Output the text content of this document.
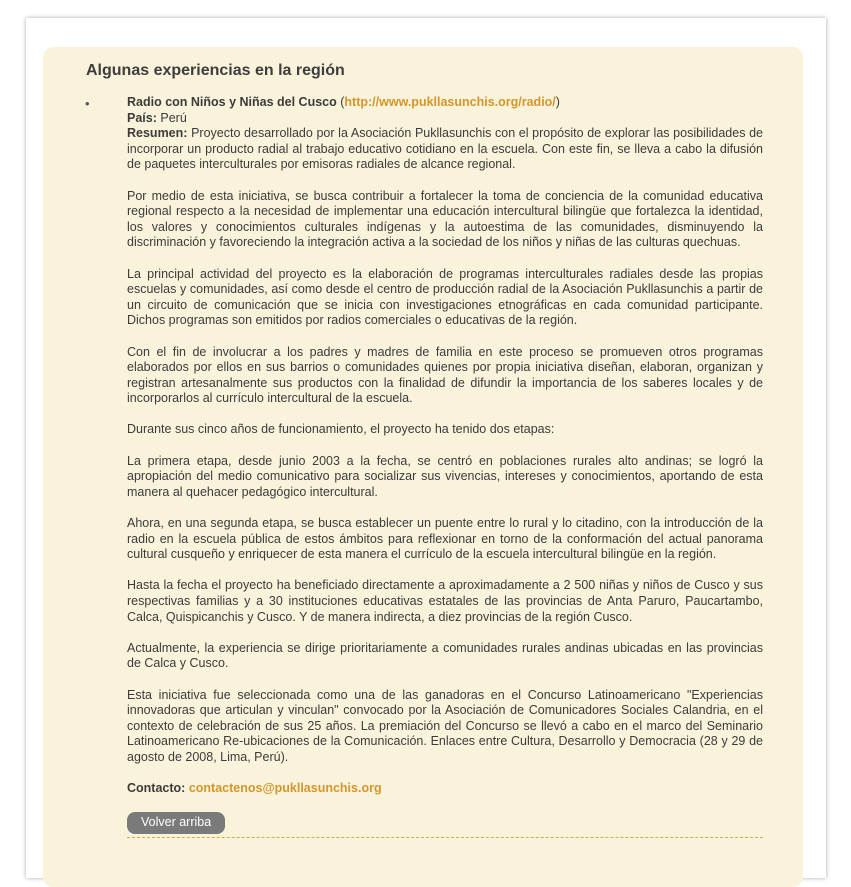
Algunas experiencias en la región
•	Radio con Niños y Niñas del Cusco (http://www.pukllasunchis.org/radio/)

País: Perú

Resumen: Proyecto desarrollado por la Asociación Pukllasunchis con el propósito de explorar las posibilidades de incorporar un producto radial al trabajo educativo cotidiano en la escuela. Con este fin, se lleva a cabo la difusión de paquetes interculturales por emisoras radiales de alcance regional.

Por medio de esta iniciativa, se busca contribuir a fortalecer la toma de conciencia de la comunidad educativa regional respecto a la necesidad de implementar una educación intercultural bilingüe que fortalezca la identidad, los valores y conocimientos culturales indígenas y la autoestima de las comunidades, disminuyendo la discriminación y favoreciendo la integración activa a la sociedad de los niños y niñas de las culturas quechuas.

La principal actividad del proyecto es la elaboración de programas interculturales radiales desde las propias escuelas y comunidades, así como desde el centro de producción radial de la Asociación Pukllasunchis a partir de un circuito de comunicación que se inicia con investigaciones etnográficas en cada comunidad participante. Dichos programas son emitidos por radios comerciales o educativas de la región.

Con el fin de involucrar a los padres y madres de familia en este proceso se promueven otros programas elaborados por ellos en sus barrios o comunidades quienes por propia iniciativa diseñan, elaboran, organizan y registran artesanalmente sus productos con la finalidad de difundir la importancia de los saberes locales y de incorporarlos al currículo intercultural de la escuela.

Durante sus cinco años de funcionamiento, el proyecto ha tenido dos etapas:

La primera etapa, desde junio 2003 a la fecha, se centró en poblaciones rurales alto andinas; se logró la apropiación del medio comunicativo para socializar sus vivencias, intereses y conocimientos, aportando de esta manera al quehacer pedagógico intercultural.

Ahora, en una segunda etapa, se busca establecer un puente entre lo rural y lo citadino, con la introducción de la radio en la escuela pública de estos ámbitos para reflexionar en torno de la conformación del actual panorama cultural cusqueño y enriquecer de esta manera el currículo de la escuela intercultural bilingüe en la región.

Hasta la fecha el proyecto ha beneficiado directamente a aproximadamente a 2 500 niñas y niños de Cusco y sus respectivas familias y a 30 instituciones educativas estatales de las provincias de Anta Paruro, Paucartambo, Calca, Quispicanchis y Cusco. Y de manera indirecta, a diez provincias de la región Cusco.

Actualmente, la experiencia se dirige prioritariamente a comunidades rurales andinas ubicadas en las provincias de Calca y Cusco.

Esta iniciativa fue seleccionada como una de las ganadoras en el Concurso Latinoamericano "Experiencias innovadoras que articulan y vinculan" convocado por la Asociación de Comunicadores Sociales Calandria, en el contexto de celebración de sus 25 años. La premiación del Concurso se llevó a cabo en el marco del Seminario Latinoamericano Re-ubicaciones de la Comunicación. Enlaces entre Cultura, Desarrollo y Democracia (28 y 29 de agosto de 2008, Lima, Perú).

Contacto: contactenos@pukllasunchis.org

Volver arriba
